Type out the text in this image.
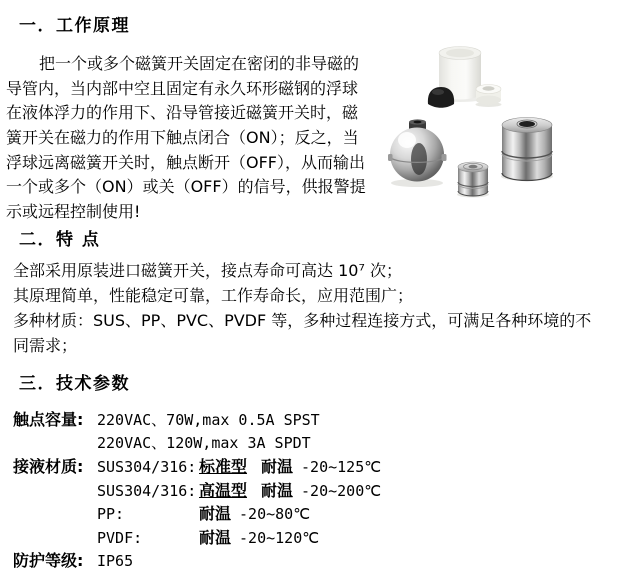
一．工作原理
把一个或多个磁簧开关固定在密闭的非导磁的
导管内，当内部中空且固定有永久环形磁钢的浮球
在液体浮力的作用下、沿导管接近磁簧开关时，磁
簧开关在磁力的作用下触点闭合（ON）；反之，当
浮球远离磁簧开关时，触点断开（OFF），从而输出
一个或多个（ON）或关（OFF）的信号，供报警提
示或远程控制使用!
二．特 点
全部采用原装进口磁簧开关，接点寿命可高达 10⁷ 次；
其原理简单，性能稳定可靠，工作寿命长，应用范围广；
多种材质：SUS、PP、PVC、PVDF 等，多种过程连接方式，可满足各种环境的不
同需求；
三．技术参数
触点容量: 220VAC、70W,max 0.5A SPST
220VAC、120W,max 3A SPDT
接液材质: SUS304/316: 标准型 耐温 -20~125℃
SUS304/316: 高温型 耐温 -20~200℃
PP:	耐温 -20~80℃
PVDF:	耐温 -20~120℃
防护等级: IP65
